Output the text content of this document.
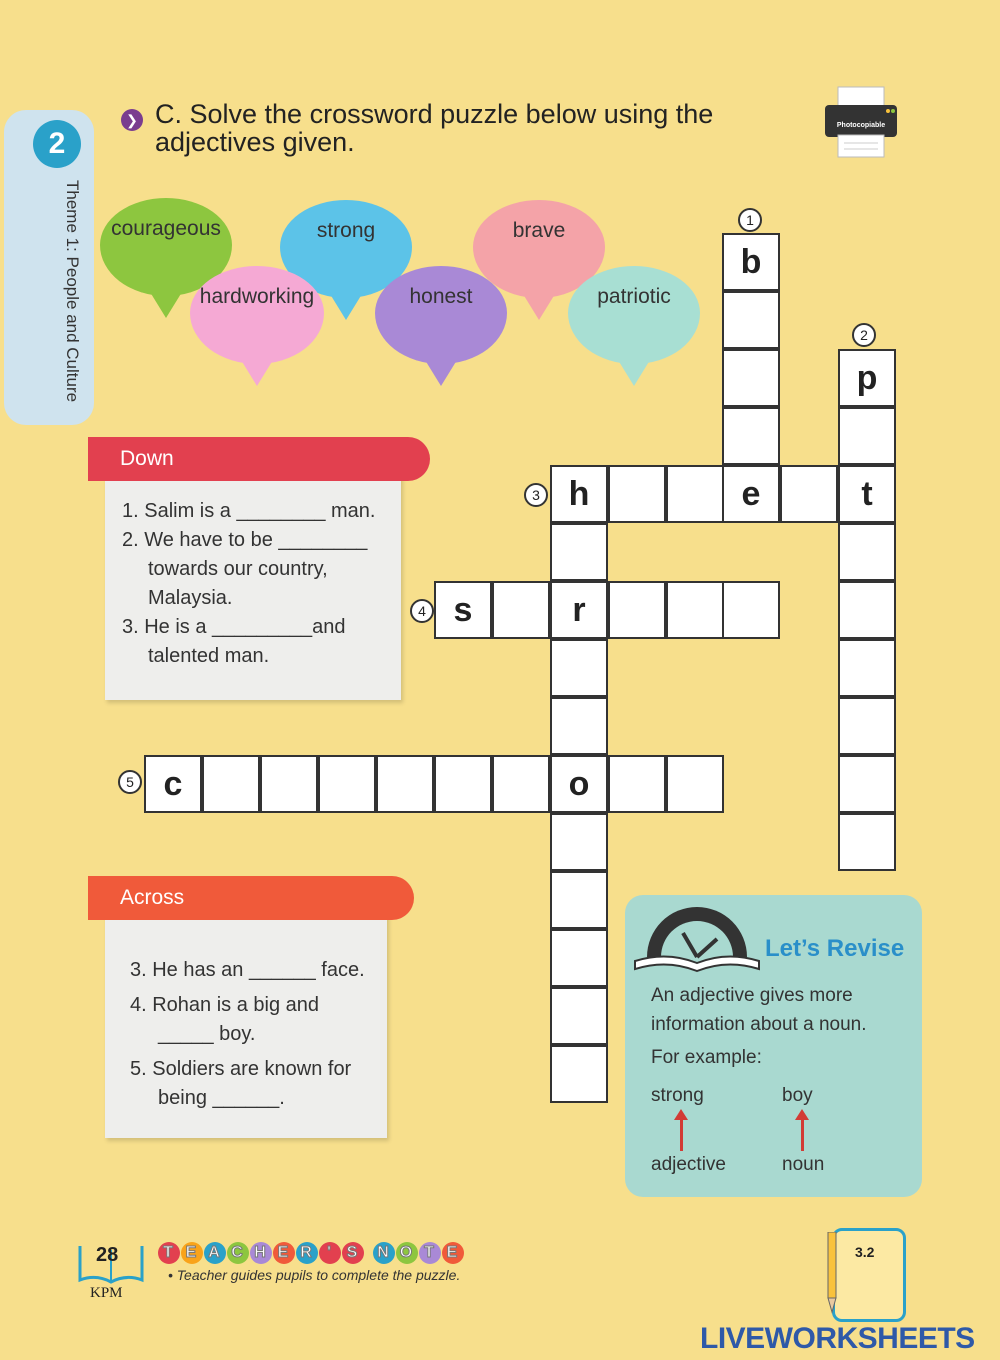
2
Theme 1: People and Culture
❯ C. Solve the crossword puzzle below using the adjectives given.
Photocopiable
courageous	strong	brave
hardworking	honest	patriotic
Down
1. Salim is a ________ man.
2. We have to be ________
towards our country,
Malaysia.
3. He is a _________and
talented man.
Across
3. He has an ______ face.
4. Rohan is a big and
_____ boy.
5. Soldiers are known for
being ______.
b
p
h	e	t
s	r
c	o
1
2
3
4
5
Let’s Revise
An adjective gives more
information about a noun.
For example:
strong	boy
adjective	noun
28
KPM
T E A C H E R ' S N O T E
• Teacher guides pupils to complete the puzzle.
3.2
LIVEWORKSHEETS
